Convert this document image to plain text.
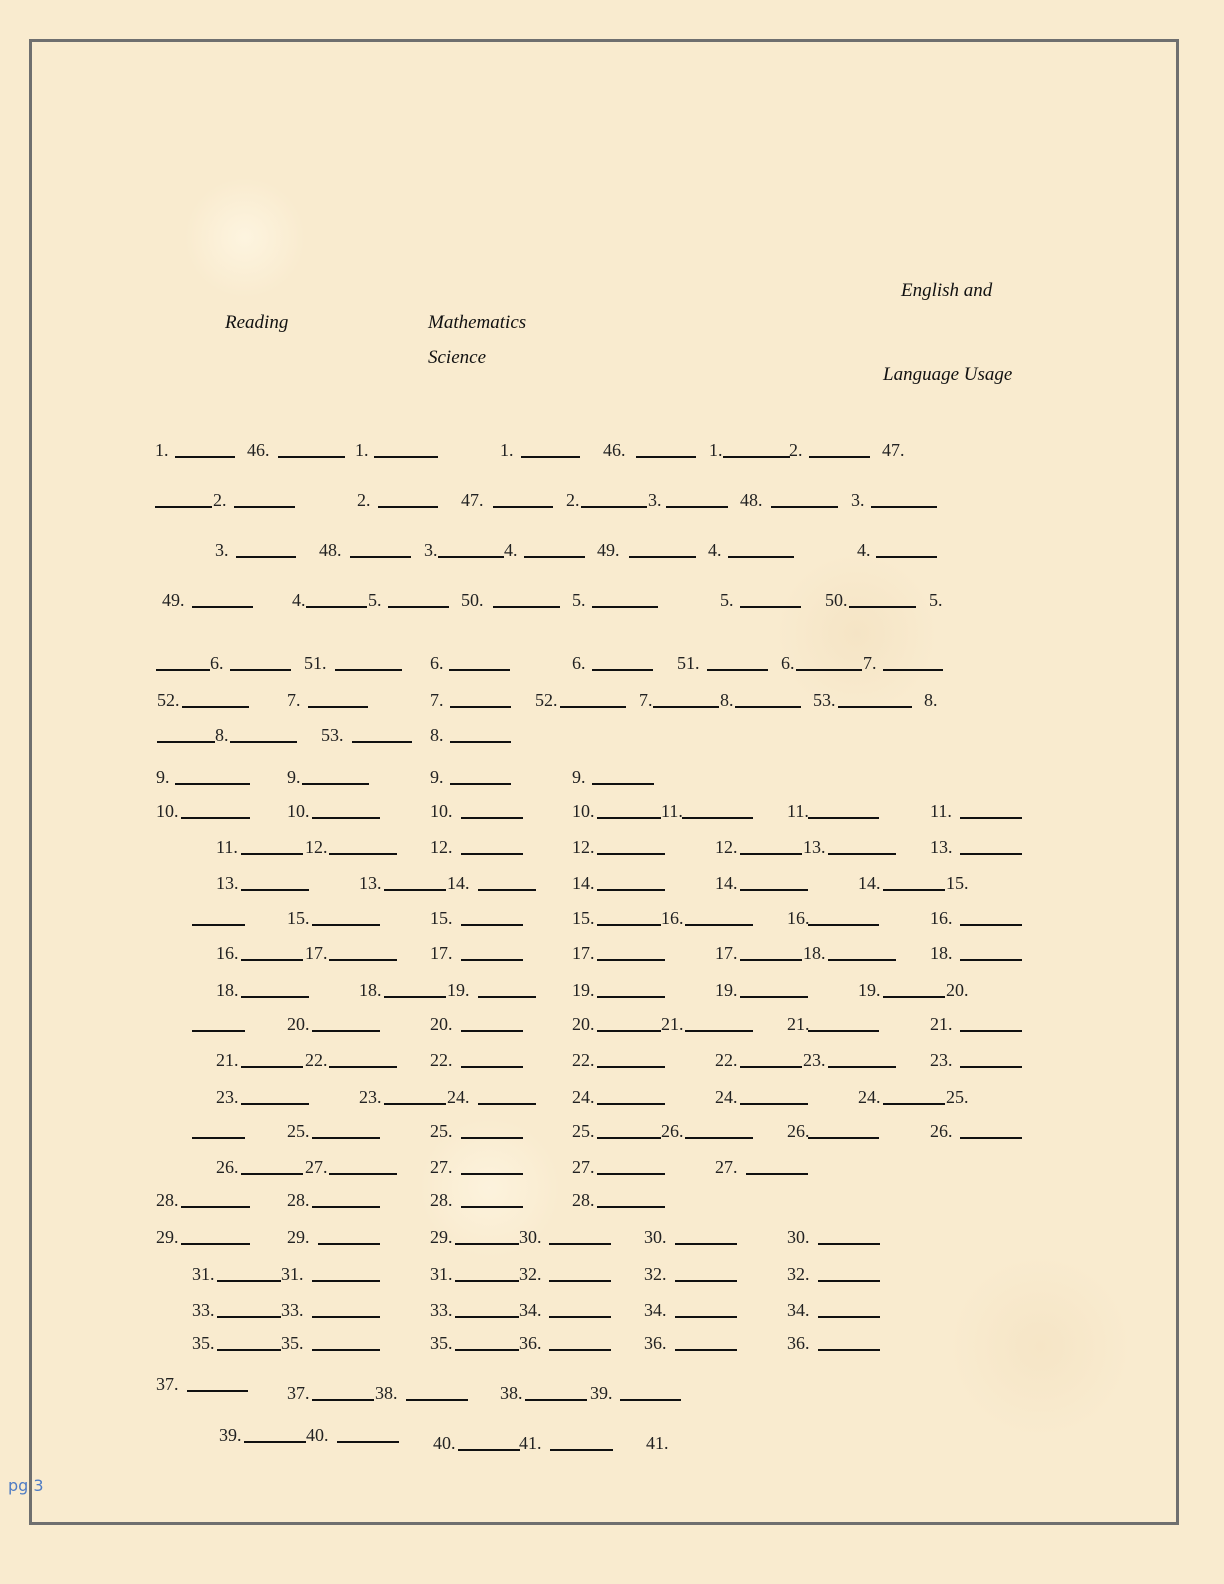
Reading	Mathematics
Science
English and
Language Usage
1.	46.	1.	1.	46.	1.	2.	47.
2.	2.	47.	2.	3.	48.	3.
3.	48.	3.	4.	49.	4.	4.
49.	4.	5.	50.	5.	5.	50.	5.
6.	51.	6.	6.	51.	6.	7.
52.	7.	7.	52.	7.	8.	53.	8.
8.	53.	8.
9.	9.	9.	9.
10.	10.	10.	10.	11.	11.	11.
11.	12.	12.	12.	12.	13.	13.
13.	13.	14.	14.	14.	14.	15.
15.	15.	15.	16.	16.	16.
16.	17.	17.	17.	17.	18.	18.
18.	18.	19.	19.	19.	19.	20.
20.	20.	20.	21.	21.	21.
21.	22.	22.	22.	22.	23.	23.
23.	23.	24.	24.	24.	24.	25.
25.	25.	25.	26.	26.	26.
26.	27.	27.	27.	27.
28.	28.	28.	28.
29.	29.	29.	30.	30.	30.
31.	31.	31.	32.	32.	32.
33.	33.	33.	34.	34.	34.
35.	35.	35.	36.	36.	36.
37.	37.	38.	38.	39.
39.	40.	40.	41.	41.
pg 3
